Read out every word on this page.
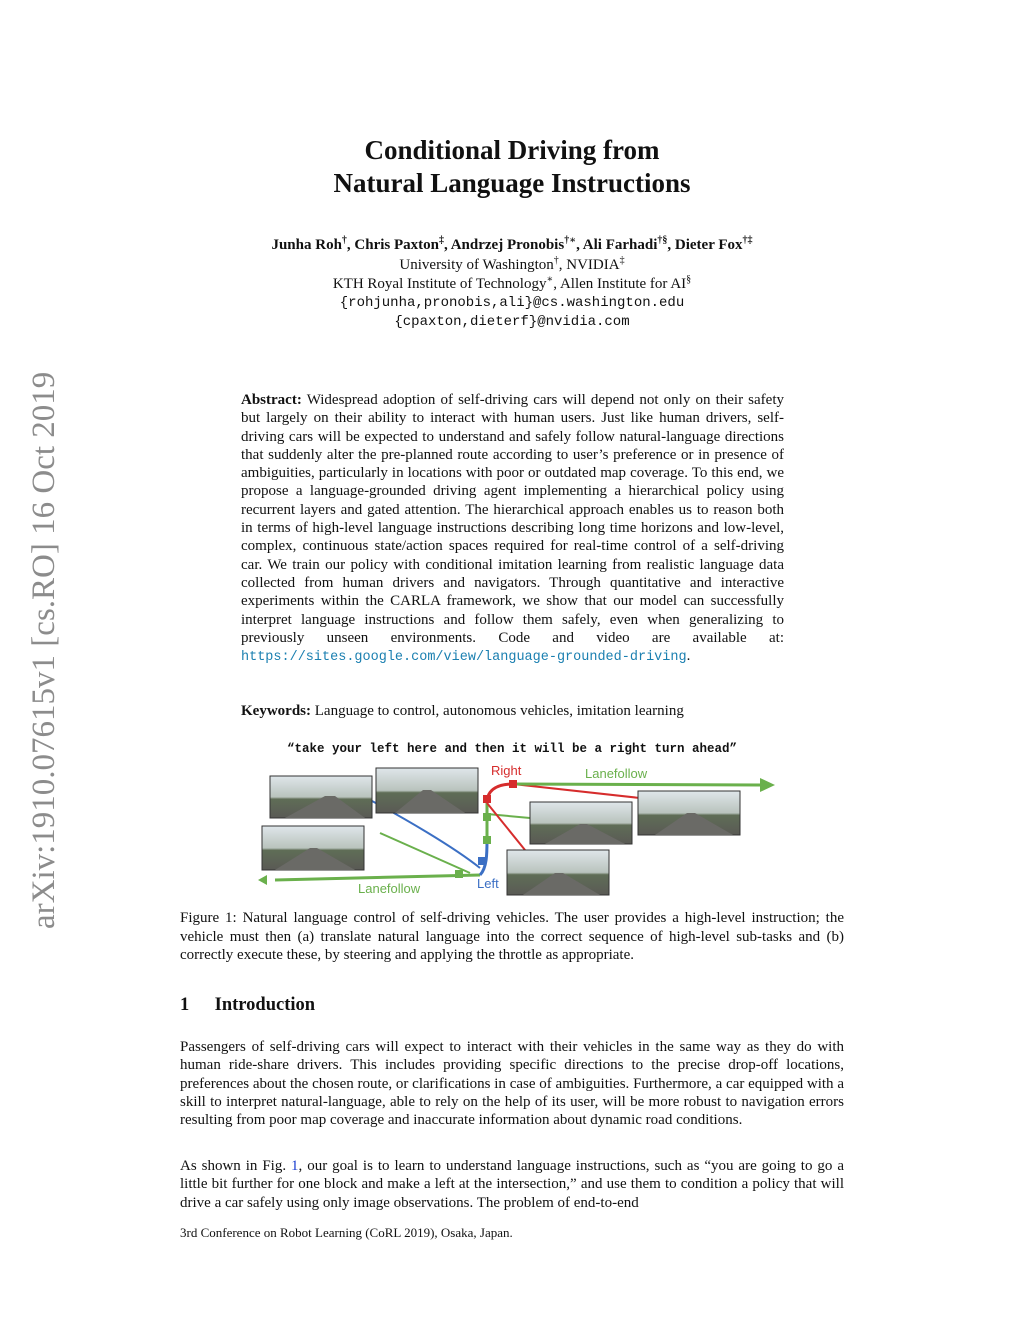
arXiv:1910.07615v1 [cs.RO] 16 Oct 2019
Conditional Driving from
Natural Language Instructions
Junha Roh†, Chris Paxton‡, Andrzej Pronobis†∗, Ali Farhadi†§, Dieter Fox†‡
University of Washington†, NVIDIA‡
KTH Royal Institute of Technology∗, Allen Institute for AI§
{rohjunha,pronobis,ali}@cs.washington.edu
{cpaxton,dieterf}@nvidia.com
Abstract: Widespread adoption of self-driving cars will depend not only on their safety but largely on their ability to interact with human users. Just like human drivers, self-driving cars will be expected to understand and safely follow natural-language directions that suddenly alter the pre-planned route according to user’s preference or in presence of ambiguities, particularly in locations with poor or outdated map coverage. To this end, we propose a language-grounded driving agent implementing a hierarchical policy using recurrent layers and gated attention. The hierarchical approach enables us to reason both in terms of high-level language instructions describing long time horizons and low-level, complex, continuous state/action spaces required for real-time control of a self-driving car. We train our policy with conditional imitation learning from realistic language data collected from human drivers and navigators. Through quantitative and interactive experiments within the CARLA framework, we show that our model can successfully interpret language instructions and follow them safely, even when generalizing to previously unseen environments. Code and video are available at: https://sites.google.com/view/language-grounded-driving.
Keywords: Language to control, autonomous vehicles, imitation learning
“take your left here and then it will be a right turn ahead”
Right	Lanefollow
Lanefollow	Left
Figure 1: Natural language control of self-driving vehicles. The user provides a high-level instruction; the vehicle must then (a) translate natural language into the correct sequence of high-level sub-tasks and (b) correctly execute these, by steering and applying the throttle as appropriate.
1 Introduction
Passengers of self-driving cars will expect to interact with their vehicles in the same way as they do with human ride-share drivers. This includes providing specific directions to the precise drop-off locations, preferences about the chosen route, or clarifications in case of ambiguities. Furthermore, a car equipped with a skill to interpret natural-language, able to rely on the help of its user, will be more robust to navigation errors resulting from poor map coverage and inaccurate information about dynamic road conditions.
As shown in Fig. 1, our goal is to learn to understand language instructions, such as “you are going to go a little bit further for one block and make a left at the intersection,” and use them to condition a policy that will drive a car safely using only image observations. The problem of end-to-end
3rd Conference on Robot Learning (CoRL 2019), Osaka, Japan.
